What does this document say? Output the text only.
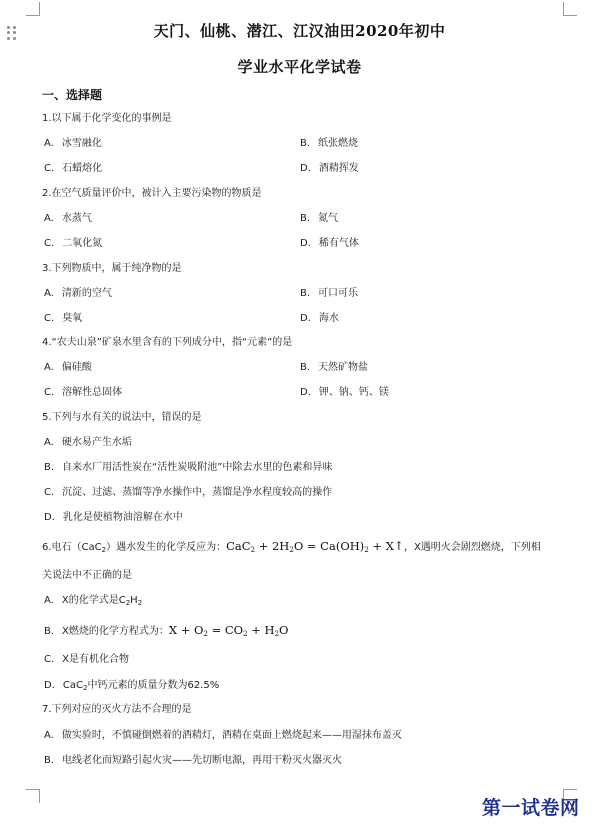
天门、仙桃、潜江、江汉油田2020年初中
学业水平化学试卷
一、选择题
1.以下属于化学变化的事例是
A. 冰雪融化	B. 纸张燃烧
C. 石蜡熔化	D. 酒精挥发
2.在空气质量评价中，被计入主要污染物的物质是
A. 水蒸气	B. 氮气
C. 二氧化氮	D. 稀有气体
3.下列物质中，属于纯净物的是
A. 清新的空气	B. 可口可乐
C. 臭氧	D. 海水
4.“农夫山泉”矿泉水里含有的下列成分中，指“元素”的是
A. 偏硅酸	B. 天然矿物盐
C. 溶解性总固体	D. 钾、钠、钙、镁
5.下列与水有关的说法中，错误的是
A. 硬水易产生水垢
B. 自来水厂用活性炭在“活性炭吸附池”中除去水里的色素和异味
C. 沉淀、过滤、蒸馏等净水操作中，蒸馏是净水程度较高的操作
D. 乳化是使植物油溶解在水中
6.电石（CaC$_2$）遇水发生的化学反应为：$CaC_2 + 2H_2O = Ca(OH)_2$ + X↑，X遇明火会剧烈燃烧，下列相
关说法中不正确的是
A. X的化学式是$C_2H_2$
B. X燃烧的化学方程式为：$X + O_2 = CO_2 + H_2O$
C. X是有机化合物
D. CaC$_2$中钙元素的质量分数为62.5%
7.下列对应的灭火方法不合理的是
A. 做实验时，不慎碰倒燃着的酒精灯，酒精在桌面上燃烧起来——用湿抹布盖灭
B. 电线老化而短路引起火灾——先切断电源，再用干粉灭火器灭火
第一试卷网
